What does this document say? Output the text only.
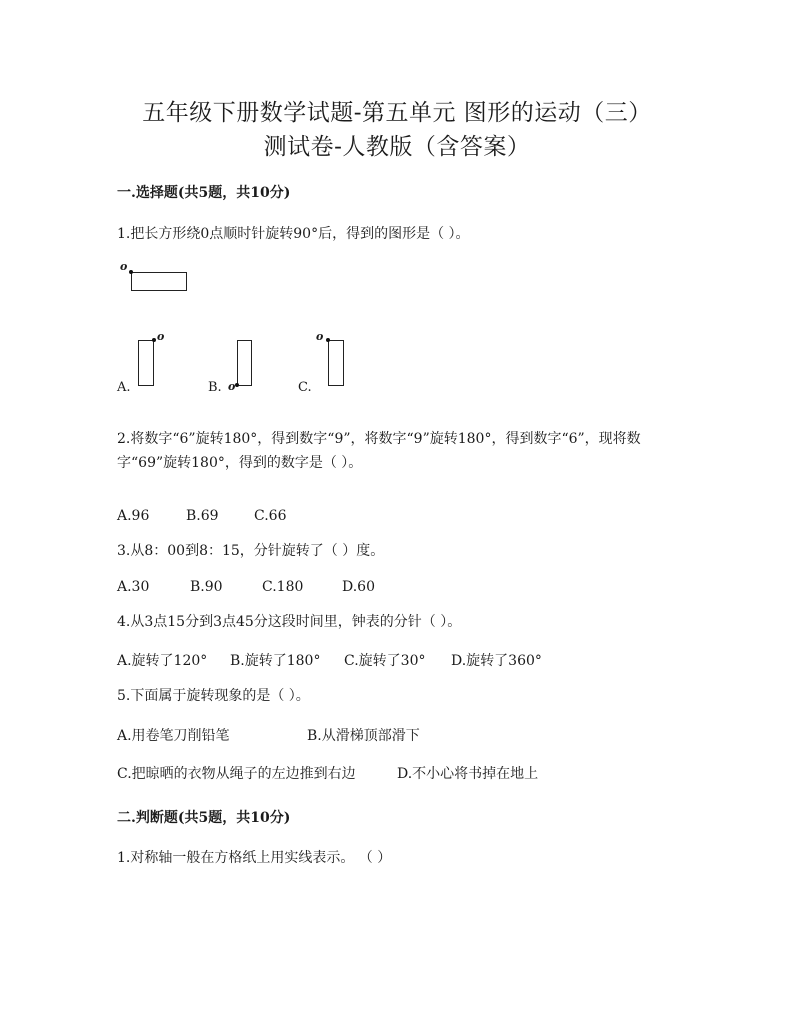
五年级下册数学试题-第五单元 图形的运动（三）
测试卷-人教版（含答案）
一.选择题(共5题，共10分)
1.把长方形绕0点顺时针旋转90°后，得到的图形是（ ）。
o
o
A.	o
B.
o
C.
2.将数字“6”旋转180°，得到数字“9”，将数字“9”旋转180°，得到数字“6”，现将数
字“69”旋转180°，得到的数字是（ ）。
A.96	B.69	C.66
3.从8：00到8：15，分针旋转了（ ）度。
A.30	B.90	C.180	D.60
4.从3点15分到3点45分这段时间里，钟表的分针（ ）。
A.旋转了120° B.旋转了180° C.旋转了30° D.旋转了360°
5.下面属于旋转现象的是（ ）。
A.用卷笔刀削铅笔	B.从滑梯顶部滑下
C.把晾晒的衣物从绳子的左边推到右边	D.不小心将书掉在地上
二.判断题(共5题，共10分)
1.对称轴一般在方格纸上用实线表示。 （ ）
